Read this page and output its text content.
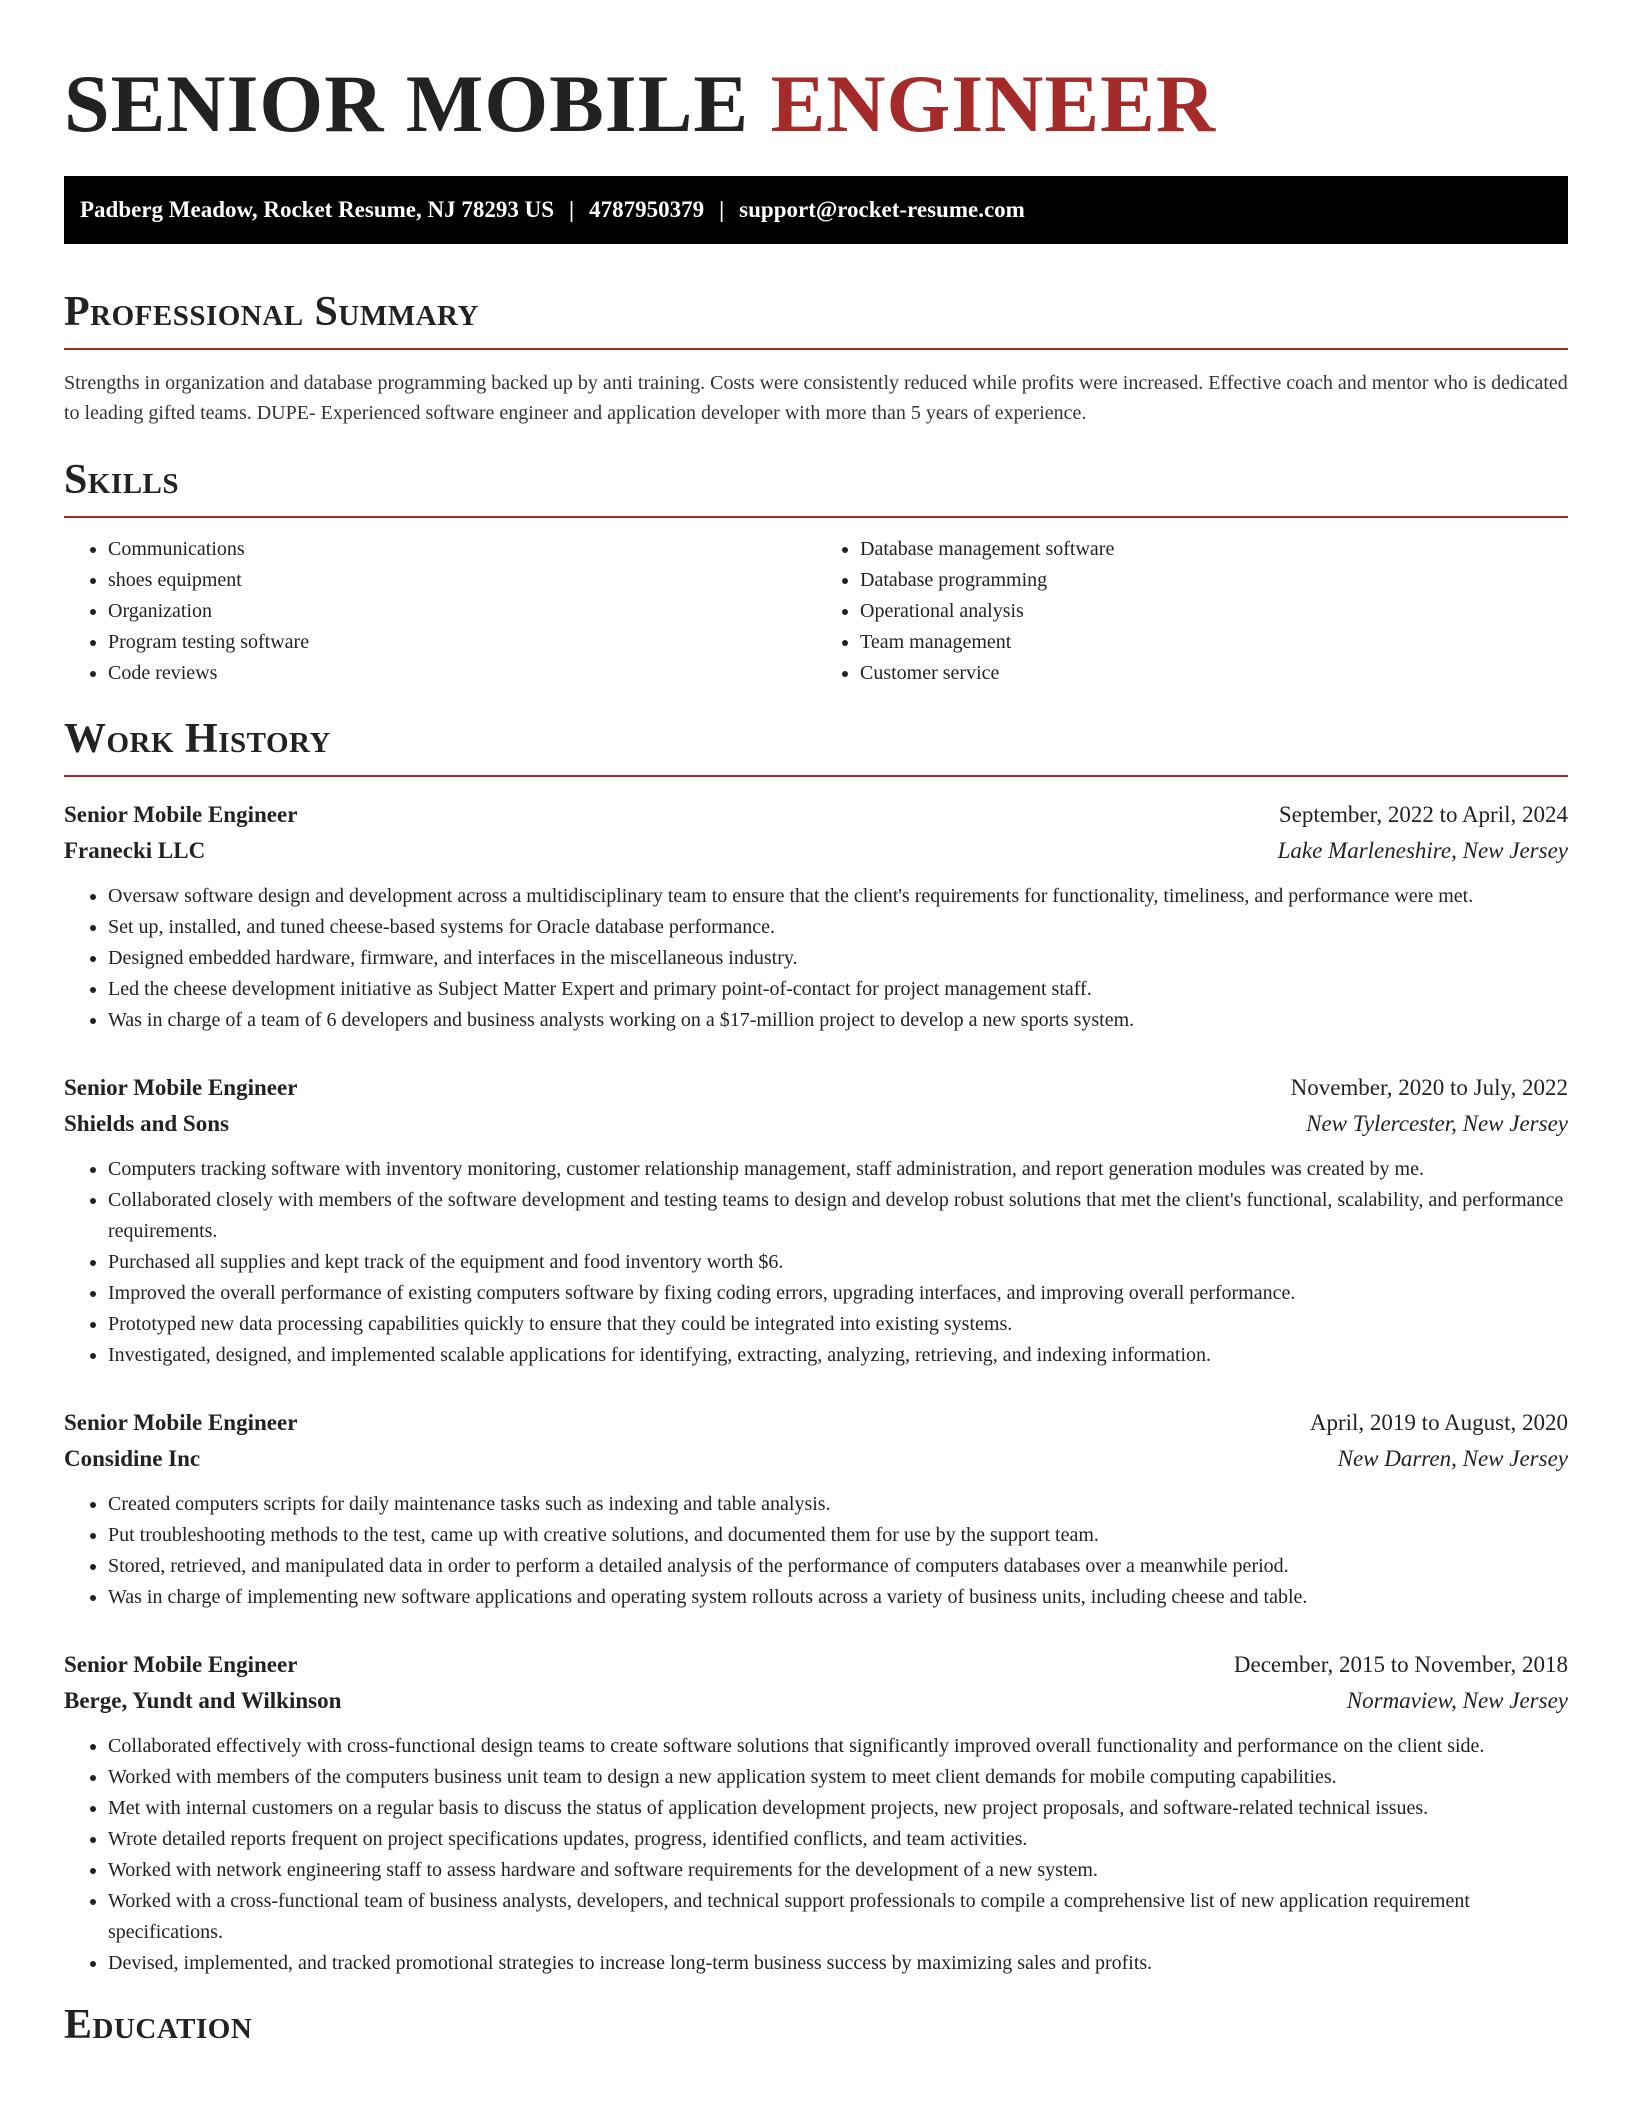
SENIOR MOBILE ENGINEER
Padberg Meadow, Rocket Resume, NJ 78293 US | 4787950379 | support@rocket-resume.com
Professional Summary

Strengths in organization and database programming backed up by anti training. Costs were consistently reduced while profits were increased. Effective coach and mentor who is dedicated to leading gifted teams. DUPE- Experienced software engineer and application developer with more than 5 years of experience.

Skills
• Communications
• shoes equipment
• Organization
• Program testing software
• Code reviews
• Database management software
• Database programming
• Operational analysis
• Team management
• Customer service
Work History
Senior Mobile Engineer	September, 2022 to April, 2024
Franecki LLC	Lake Marleneshire, New Jersey
• Oversaw software design and development across a multidisciplinary team to ensure that the client's requirements for functionality, timeliness, and performance were met.
• Set up, installed, and tuned cheese-based systems for Oracle database performance.
• Designed embedded hardware, firmware, and interfaces in the miscellaneous industry.
• Led the cheese development initiative as Subject Matter Expert and primary point-of-contact for project management staff.
• Was in charge of a team of 6 developers and business analysts working on a $17-million project to develop a new sports system.
Senior Mobile Engineer	November, 2020 to July, 2022
Shields and Sons	New Tylercester, New Jersey
• Computers tracking software with inventory monitoring, customer relationship management, staff administration, and report generation modules was created by me.
• Collaborated closely with members of the software development and testing teams to design and develop robust solutions that met the client's functional, scalability, and performance requirements.
• Purchased all supplies and kept track of the equipment and food inventory worth $6.
• Improved the overall performance of existing computers software by fixing coding errors, upgrading interfaces, and improving overall performance.
• Prototyped new data processing capabilities quickly to ensure that they could be integrated into existing systems.
• Investigated, designed, and implemented scalable applications for identifying, extracting, analyzing, retrieving, and indexing information.
Senior Mobile Engineer	April, 2019 to August, 2020
Considine Inc	New Darren, New Jersey
• Created computers scripts for daily maintenance tasks such as indexing and table analysis.
• Put troubleshooting methods to the test, came up with creative solutions, and documented them for use by the support team.
• Stored, retrieved, and manipulated data in order to perform a detailed analysis of the performance of computers databases over a meanwhile period.
• Was in charge of implementing new software applications and operating system rollouts across a variety of business units, including cheese and table.
Senior Mobile Engineer	December, 2015 to November, 2018
Berge, Yundt and Wilkinson	Normaview, New Jersey
• Collaborated effectively with cross-functional design teams to create software solutions that significantly improved overall functionality and performance on the client side.
• Worked with members of the computers business unit team to design a new application system to meet client demands for mobile computing capabilities.
• Met with internal customers on a regular basis to discuss the status of application development projects, new project proposals, and software-related technical issues.
• Wrote detailed reports frequent on project specifications updates, progress, identified conflicts, and team activities.
• Worked with network engineering staff to assess hardware and software requirements for the development of a new system.
• Worked with a cross-functional team of business analysts, developers, and technical support professionals to compile a comprehensive list of new application requirement specifications.
• Devised, implemented, and tracked promotional strategies to increase long-term business success by maximizing sales and profits.
Education
